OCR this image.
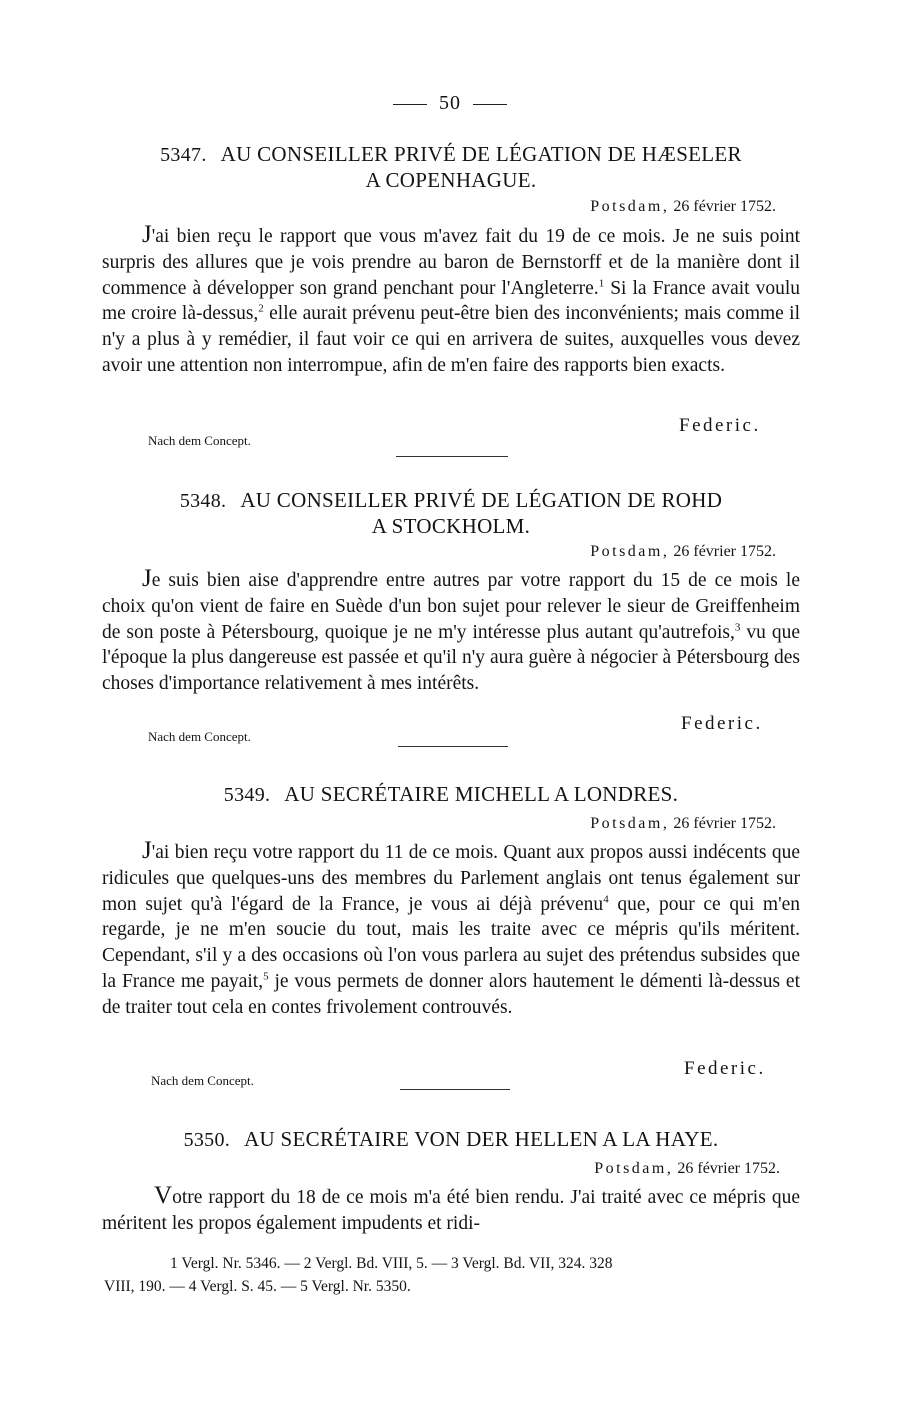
50
5347. AU CONSEILLER PRIVÉ DE LÉGATION DE HÆSELER
A COPENHAGUE.
Potsdam, 26 février 1752.
J'ai bien reçu le rapport que vous m'avez fait du 19 de ce mois. Je ne suis point surpris des allures que je vois prendre au baron de Bernstorff et de la manière dont il commence à développer son grand penchant pour l'Angleterre.$^1$ Si la France avait voulu me croire là-dessus,$^2$ elle aurait prévenu peut-être bien des inconvénients; mais comme il n'y a plus à y remédier, il faut voir ce qui en arrivera de suites, auxquelles vous devez avoir une attention non interrompue, afin de m'en faire des rapports bien exacts.
Federic.
Nach dem Concept.
5348. AU CONSEILLER PRIVÉ DE LÉGATION DE ROHD
A STOCKHOLM.
Potsdam, 26 février 1752.
Je suis bien aise d'apprendre entre autres par votre rapport du 15 de ce mois le choix qu'on vient de faire en Suède d'un bon sujet pour relever le sieur de Greiffenheim de son poste à Pétersbourg, quoique je ne m'y intéresse plus autant qu'autrefois,$^3$ vu que l'époque la plus dangereuse est passée et qu'il n'y aura guère à négocier à Pétersbourg des choses d'importance relativement à mes intérêts.
Federic.
Nach dem Concept.
5349. AU SECRÉTAIRE MICHELL A LONDRES.
Potsdam, 26 février 1752.
J'ai bien reçu votre rapport du 11 de ce mois. Quant aux propos aussi indécents que ridicules que quelques-uns des membres du Parlement anglais ont tenus également sur mon sujet qu'à l'égard de la France, je vous ai déjà prévenu$^4$ que, pour ce qui m'en regarde, je ne m'en soucie du tout, mais les traite avec ce mépris qu'ils méritent. Cependant, s'il y a des occasions où l'on vous parlera au sujet des prétendus subsides que la France me payait,$^5$ je vous permets de donner alors hautement le démenti là-dessus et de traiter tout cela en contes frivolement controuvés.
Federic.
Nach dem Concept.
5350. AU SECRÉTAIRE VON DER HELLEN A LA HAYE.
Potsdam, 26 février 1752.
Votre rapport du 18 de ce mois m'a été bien rendu. J'ai traité avec ce mépris que méritent les propos également impudents et ridi-
1 Vergl. Nr. 5346. — 2 Vergl. Bd. VIII, 5. — 3 Vergl. Bd. VII, 324. 328
VIII, 190. — 4 Vergl. S. 45. — 5 Vergl. Nr. 5350.
